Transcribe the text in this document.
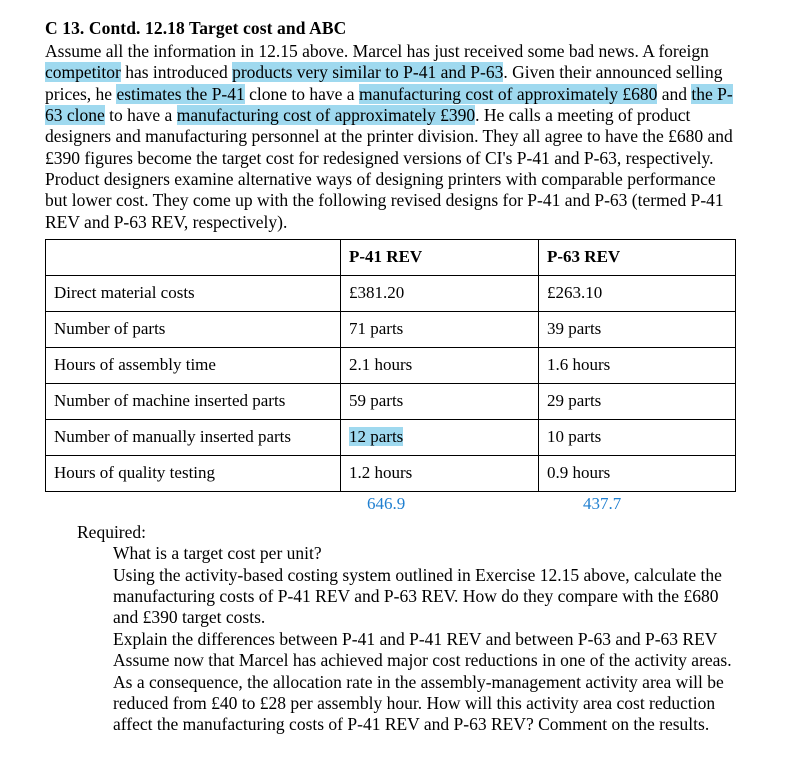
C 13. Contd. 12.18 Target cost and ABC

Assume all the information in 12.15 above. Marcel has just received some bad news. A foreign competitor has introduced products very similar to P-41 and P-63. Given their announced selling prices, he estimates the P-41 clone to have a manufacturing cost of approximately £680 and the P-63 clone to have a manufacturing cost of approximately £390. He calls a meeting of product designers and manufacturing personnel at the printer division. They all agree to have the £680 and £390 figures become the target cost for redesigned versions of CI's P-41 and P-63, respectively.

Product designers examine alternative ways of designing printers with comparable performance but lower cost. They come up with the following revised designs for P-41 and P-63 (termed P-41 REV and P-63 REV, respectively).

	P-41 REV	P-63 REV
Direct material costs	£381.20	£263.10
Number of parts	71 parts	39 parts
Hours of assembly time	2.1 hours	1.6 hours
Number of machine inserted parts	59 parts	29 parts
Number of manually inserted parts	12 parts	10 parts
Hours of quality testing	1.2 hours	0.9 hours
646.9	437.7
Required:

What is a target cost per unit?

Using the activity-based costing system outlined in Exercise 12.15 above, calculate the manufacturing costs of P-41 REV and P-63 REV. How do they compare with the £680 and £390 target costs.

Explain the differences between P-41 and P-41 REV and between P-63 and P-63 REV

Assume now that Marcel has achieved major cost reductions in one of the activity areas. As a consequence, the allocation rate in the assembly-management activity area will be reduced from £40 to £28 per assembly hour. How will this activity area cost reduction affect the manufacturing costs of P-41 REV and P-63 REV? Comment on the results.
